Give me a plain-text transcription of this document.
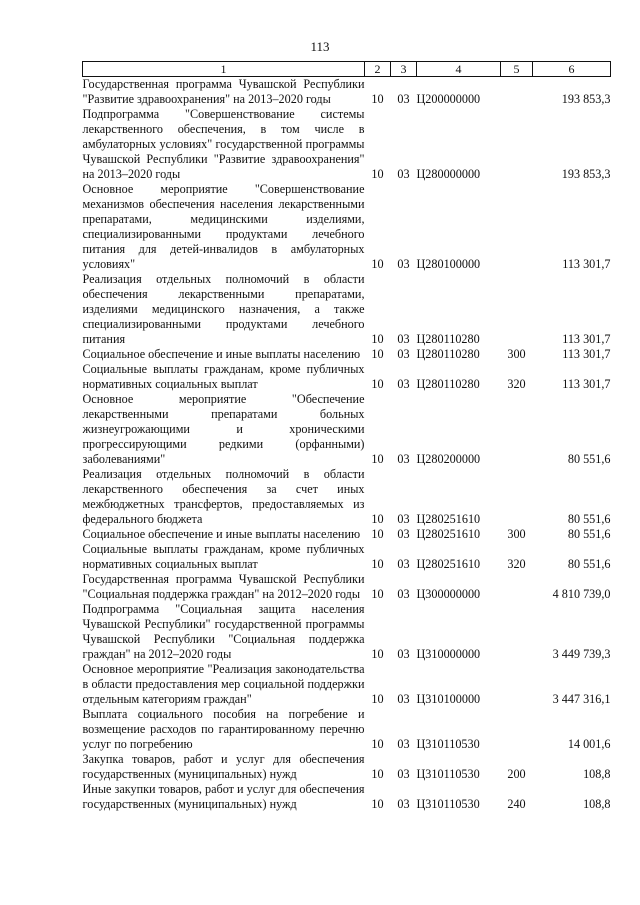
113
1	2	3	4	5	6
Государственная программа Чувашской Республики "Развитие здравоохранения" на 2013–2020 годы	10	03	Ц200000000		193 853,3
Подпрограмма "Совершенствование системы лекарственного обеспечения, в том числе в амбулаторных условиях" государственной программы Чувашской Республики "Развитие здравоохранения" на 2013–2020 годы	10	03	Ц280000000		193 853,3
Основное мероприятие "Совершенствование механизмов обеспечения населения лекарственными препаратами, медицинскими изделиями, специализированными продуктами лечебного питания для детей-инвалидов в амбулаторных условиях"	10	03	Ц280100000		113 301,7
Реализация отдельных полномочий в области обеспечения лекарственными препаратами, изделиями медицинского назначения, а также специализированными продуктами лечебного питания	10	03	Ц280110280		113 301,7
Социальное обеспечение и иные выплаты населению	10	03	Ц280110280	300	113 301,7
Социальные выплаты гражданам, кроме публичных нормативных социальных выплат	10	03	Ц280110280	320	113 301,7
Основное мероприятие "Обеспечение лекарственными препаратами больных жизнеугрожающими и хроническими прогрессирующими редкими (орфанными) заболеваниями"	10	03	Ц280200000		80 551,6
Реализация отдельных полномочий в области лекарственного обеспечения за счет иных межбюджетных трансфертов, предоставляемых из федерального бюджета	10	03	Ц280251610		80 551,6
Социальное обеспечение и иные выплаты населению	10	03	Ц280251610	300	80 551,6
Социальные выплаты гражданам, кроме публичных нормативных социальных выплат	10	03	Ц280251610	320	80 551,6
Государственная программа Чувашской Республики "Социальная поддержка граждан" на 2012–2020 годы	10	03	Ц300000000		4 810 739,0
Подпрограмма "Социальная защита населения Чувашской Республики" государственной программы Чувашской Республики "Социальная поддержка граждан" на 2012–2020 годы	10	03	Ц310000000		3 449 739,3
Основное мероприятие "Реализация законодательства в области предоставления мер социальной поддержки отдельным категориям граждан"	10	03	Ц310100000		3 447 316,1
Выплата социального пособия на погребение и возмещение расходов по гарантированному перечню услуг по погребению	10	03	Ц310110530		14 001,6
Закупка товаров, работ и услуг для обеспечения государственных (муниципальных) нужд	10	03	Ц310110530	200	108,8
Иные закупки товаров, работ и услуг для обеспечения государственных (муниципальных) нужд	10	03	Ц310110530	240	108,8
